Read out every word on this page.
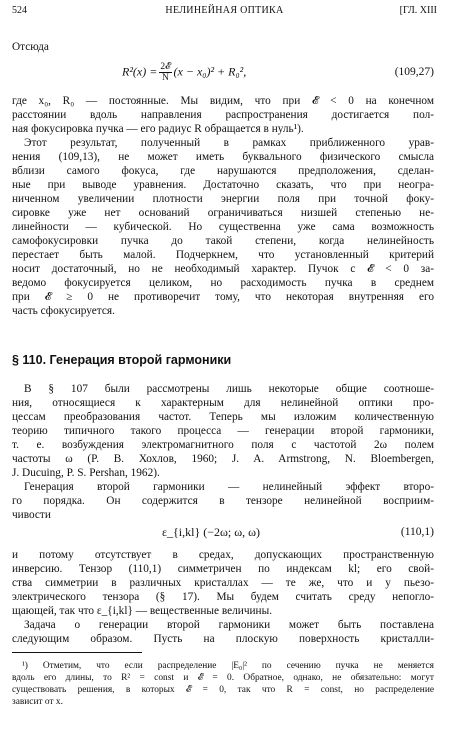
524	НЕЛИНЕЙНАЯ ОПТИКА	[ГЛ. XIII
Отсюда
$R^2(x) = \frac{\text{2𝓔}}{N} (x - x_0)^2 + R_0^2$,	(109,27)
где x₀, R₀ — постоянные. Мы видим, что при 𝓔 < 0 на конечном
расстоянии вдоль направления распространения достигается пол-
ная фокусировка пучка — его радиус R обращается в нуль¹).
Этот результат, полученный в рамках приближенного урав-
нения (109,13), не может иметь буквального физического смысла
вблизи самого фокуса, где нарушаются предположения, сделан-
ные при выводе уравнения. Достаточно сказать, что при неогра-
ниченном увеличении плотности энергии поля при точной фоку-
сировке уже нет оснований ограничиваться низшей степенью не-
линейности — кубической. Но существенна уже сама возможность
самофокусировки пучка до такой степени, когда нелинейность
перестает быть малой. Подчеркнем, что установленный критерий
носит достаточный, но не необходимый характер. Пучок с 𝓔 < 0 за-
ведомо фокусируется целиком, но расходимость пучка в среднем
при 𝓔 ≥ 0 не противоречит тому, что некоторая внутренняя его
часть сфокусируется.
§ 110. Генерация второй гармоники
В § 107 были рассмотрены лишь некоторые общие соотноше-
ния, относящиеся к характерным для нелинейной оптики про-
цессам преобразования частот. Теперь мы изложим количественную
теорию типичного такого процесса — генерации второй гармоники,
т. е. возбуждения электромагнитного поля с частотой 2ω полем
частоты ω (P. B. Хохлов, 1960; J. A. Armstrong, N. Bloembergen,
J. Ducuing, P. S. Pershan, 1962).
Генерация второй гармоники — нелинейный эффект второ-
го порядка. Он содержится в тензоре нелинейной восприим-
чивости
ε_{i,kl} (−2ω; ω, ω)	(110,1)
и потому отсутствует в средах, допускающих пространственную
инверсию. Тензор (110,1) симметричен по индексам kl; его свой-
ства симметрии в различных кристаллах — те же, что и у пьезо-
электрического тензора (§ 17). Мы будем считать среду непогло-
щающей, так что ε_{i,kl} — вещественные величины.
Задача о генерации второй гармоники может быть поставлена
следующим образом. Пусть на плоскую поверхность кристалли-
¹) Отметим, что если распределение |E₀|² по сечению пучка не меняется
вдоль его длины, то R² = const и 𝓔 = 0. Обратное, однако, не обязательно: могут
существовать решения, в которых 𝓔 = 0, так что R = const, но распределение
зависит от x.
